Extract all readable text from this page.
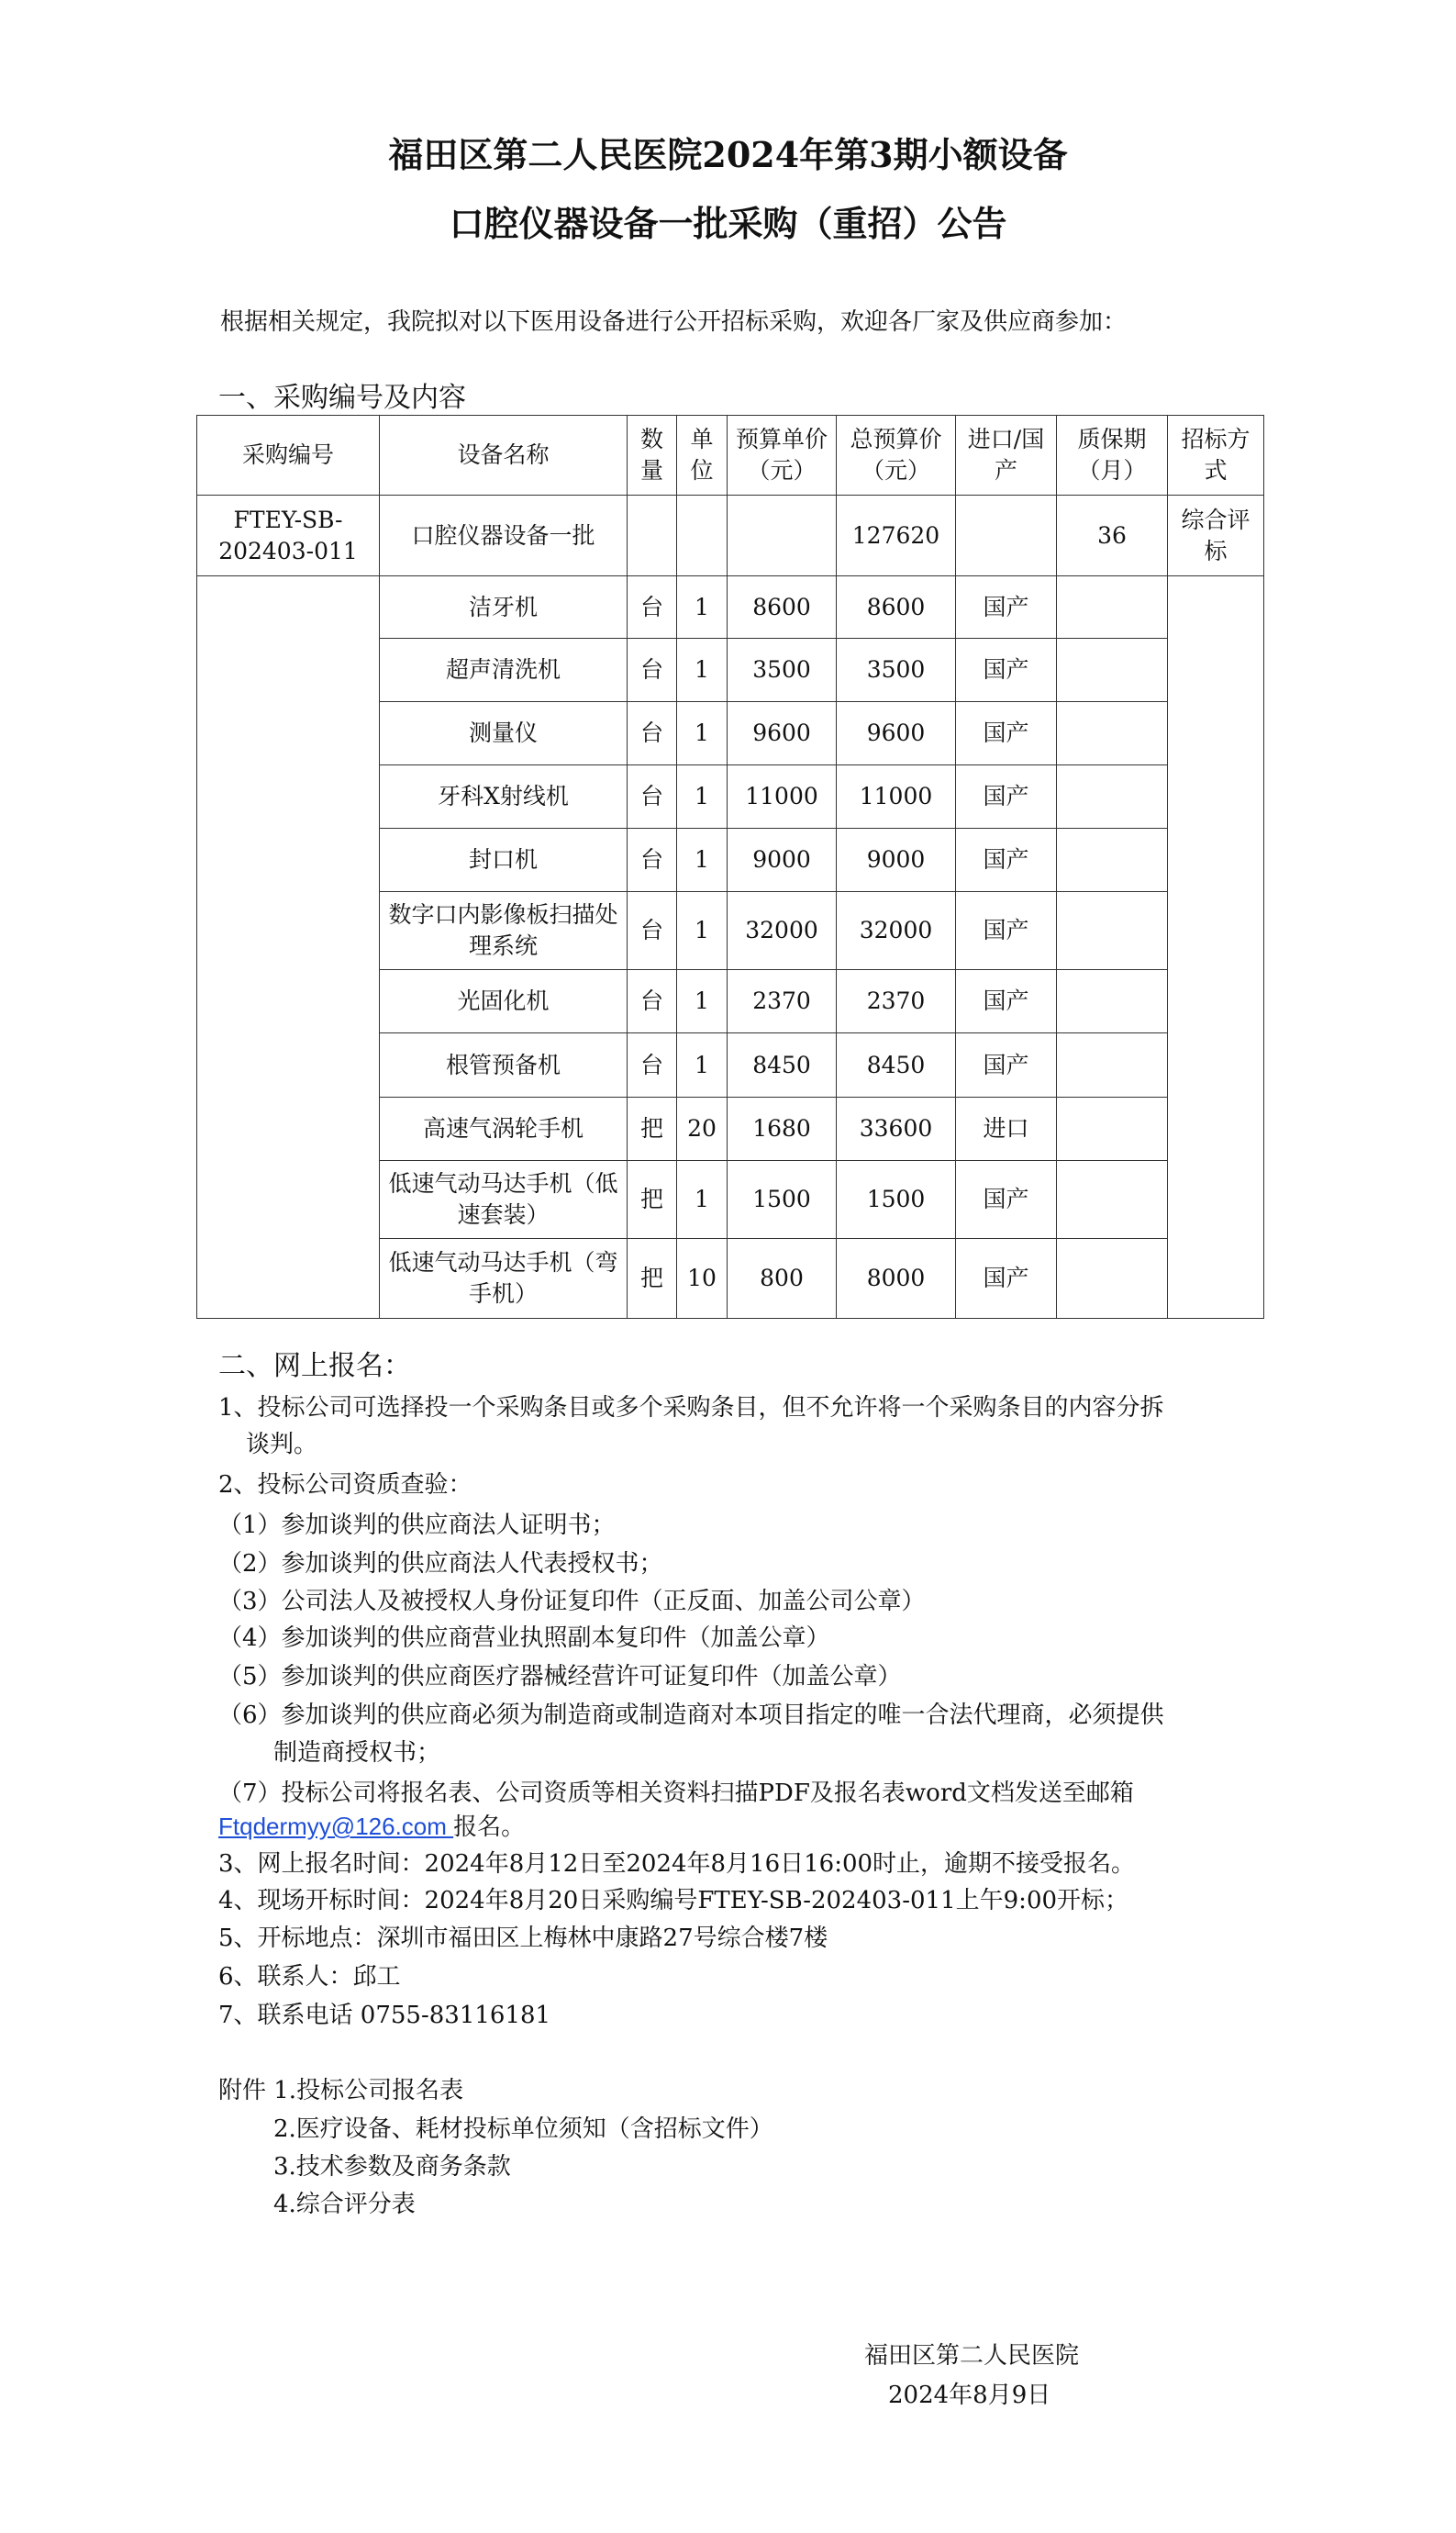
福田区第二人民医院2024年第3期小额设备
口腔仪器设备一批采购（重招）公告
根据相关规定，我院拟对以下医用设备进行公开招标采购，欢迎各厂家及供应商参加：
一、采购编号及内容
采购编号	设备名称	数量	单位	预算单价（元）	总预算价（元）	进口/国产	质保期（月）	招标方式
FTEY-SB-202403-011	口腔仪器设备一批				127620		36	综合评标
	洁牙机	台	1	8600	8600	国产		
	超声清洗机	台	1	3500	3500	国产		
	测量仪	台	1	9600	9600	国产		
	牙科X射线机	台	1	11000	11000	国产		
	封口机	台	1	9000	9000	国产		
	数字口内影像板扫描处理系统	台	1	32000	32000	国产		
	光固化机	台	1	2370	2370	国产		
	根管预备机	台	1	8450	8450	国产		
	高速气涡轮手机	把	20	1680	33600	进口		
	低速气动马达手机（低速套装）	把	1	1500	1500	国产		
	低速气动马达手机（弯手机）	把	10	800	8000	国产		
二、网上报名：
1、投标公司可选择投一个采购条目或多个采购条目，但不允许将一个采购条目的内容分拆
谈判。
2、投标公司资质查验：
（1）参加谈判的供应商法人证明书；
（2）参加谈判的供应商法人代表授权书；
（3）公司法人及被授权人身份证复印件（正反面、加盖公司公章）
（4）参加谈判的供应商营业执照副本复印件（加盖公章）
（5）参加谈判的供应商医疗器械经营许可证复印件（加盖公章）
（6）参加谈判的供应商必须为制造商或制造商对本项目指定的唯一合法代理商，必须提供
制造商授权书；
（7）投标公司将报名表、公司资质等相关资料扫描PDF及报名表word文档发送至邮箱
Ftqdermyy@126.com 报名。
3、网上报名时间：2024年8月12日至2024年8月16日16:00时止，逾期不接受报名。
4、现场开标时间：2024年8月20日采购编号FTEY-SB-202403-011上午9:00开标；
5、开标地点：深圳市福田区上梅林中康路27号综合楼7楼
6、联系人：邱工
7、联系电话 0755-83116181
附件 1.投标公司报名表
2.医疗设备、耗材投标单位须知（含招标文件）
3.技术参数及商务条款
4.综合评分表
福田区第二人民医院
2024年8月9日
